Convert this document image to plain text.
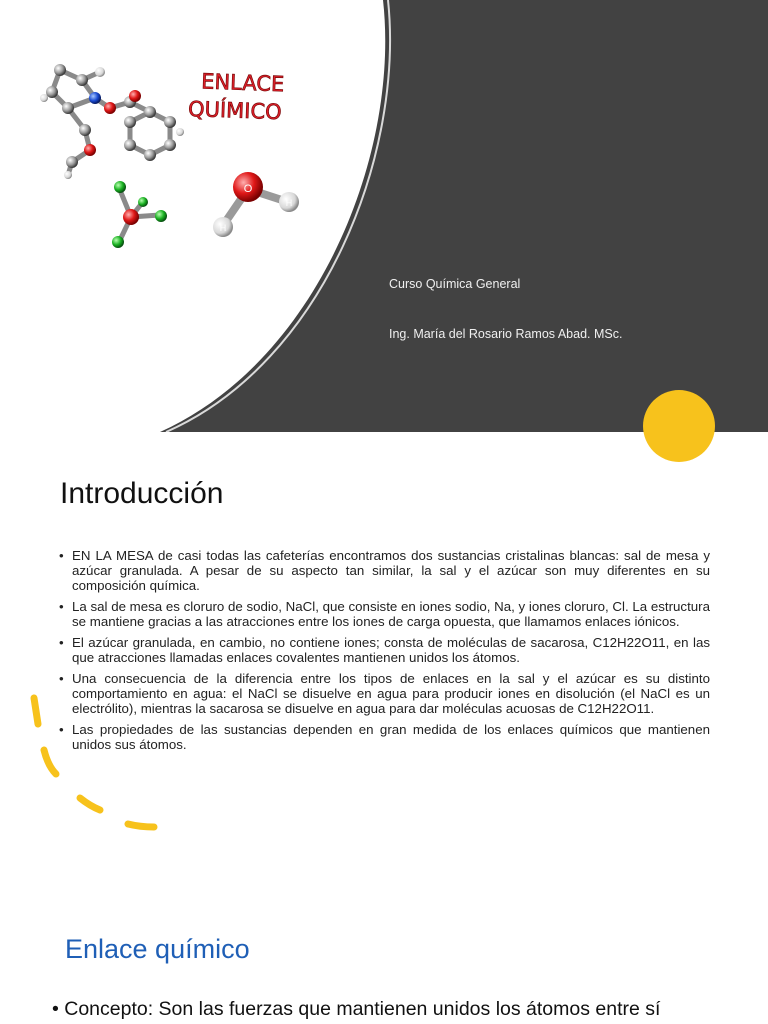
O
H
H
ENLACE
QUÍMICO
Curso Química General
Ing. María del Rosario Ramos Abad. MSc.
Introducción
• EN LA MESA de casi todas las cafeterías encontramos dos sustancias cristalinas blancas: sal de mesa y azúcar granulada. A pesar de su aspecto tan similar, la sal y el azúcar son muy diferentes en su composición química.
• La sal de mesa es cloruro de sodio, NaCl, que consiste en iones sodio, Na, y iones cloruro, Cl. La estructura se mantiene gracias a las atracciones entre los iones de carga opuesta, que llamamos enlaces iónicos.
• El azúcar granulada, en cambio, no contiene iones; consta de moléculas de sacarosa, C12H22O11, en las que atracciones llamadas enlaces covalentes mantienen unidos los átomos.
• Una consecuencia de la diferencia entre los tipos de enlaces en la sal y el azúcar es su distinto comportamiento en agua: el NaCl se disuelve en agua para producir iones en disolución (el NaCl es un electrólito), mientras la sacarosa se disuelve en agua para dar moléculas acuosas de C12H22O11.
• Las propiedades de las sustancias dependen en gran medida de los enlaces químicos que mantienen unidos sus átomos.
Enlace químico

• Concepto: Son las fuerzas que mantienen unidos los átomos entre sí
